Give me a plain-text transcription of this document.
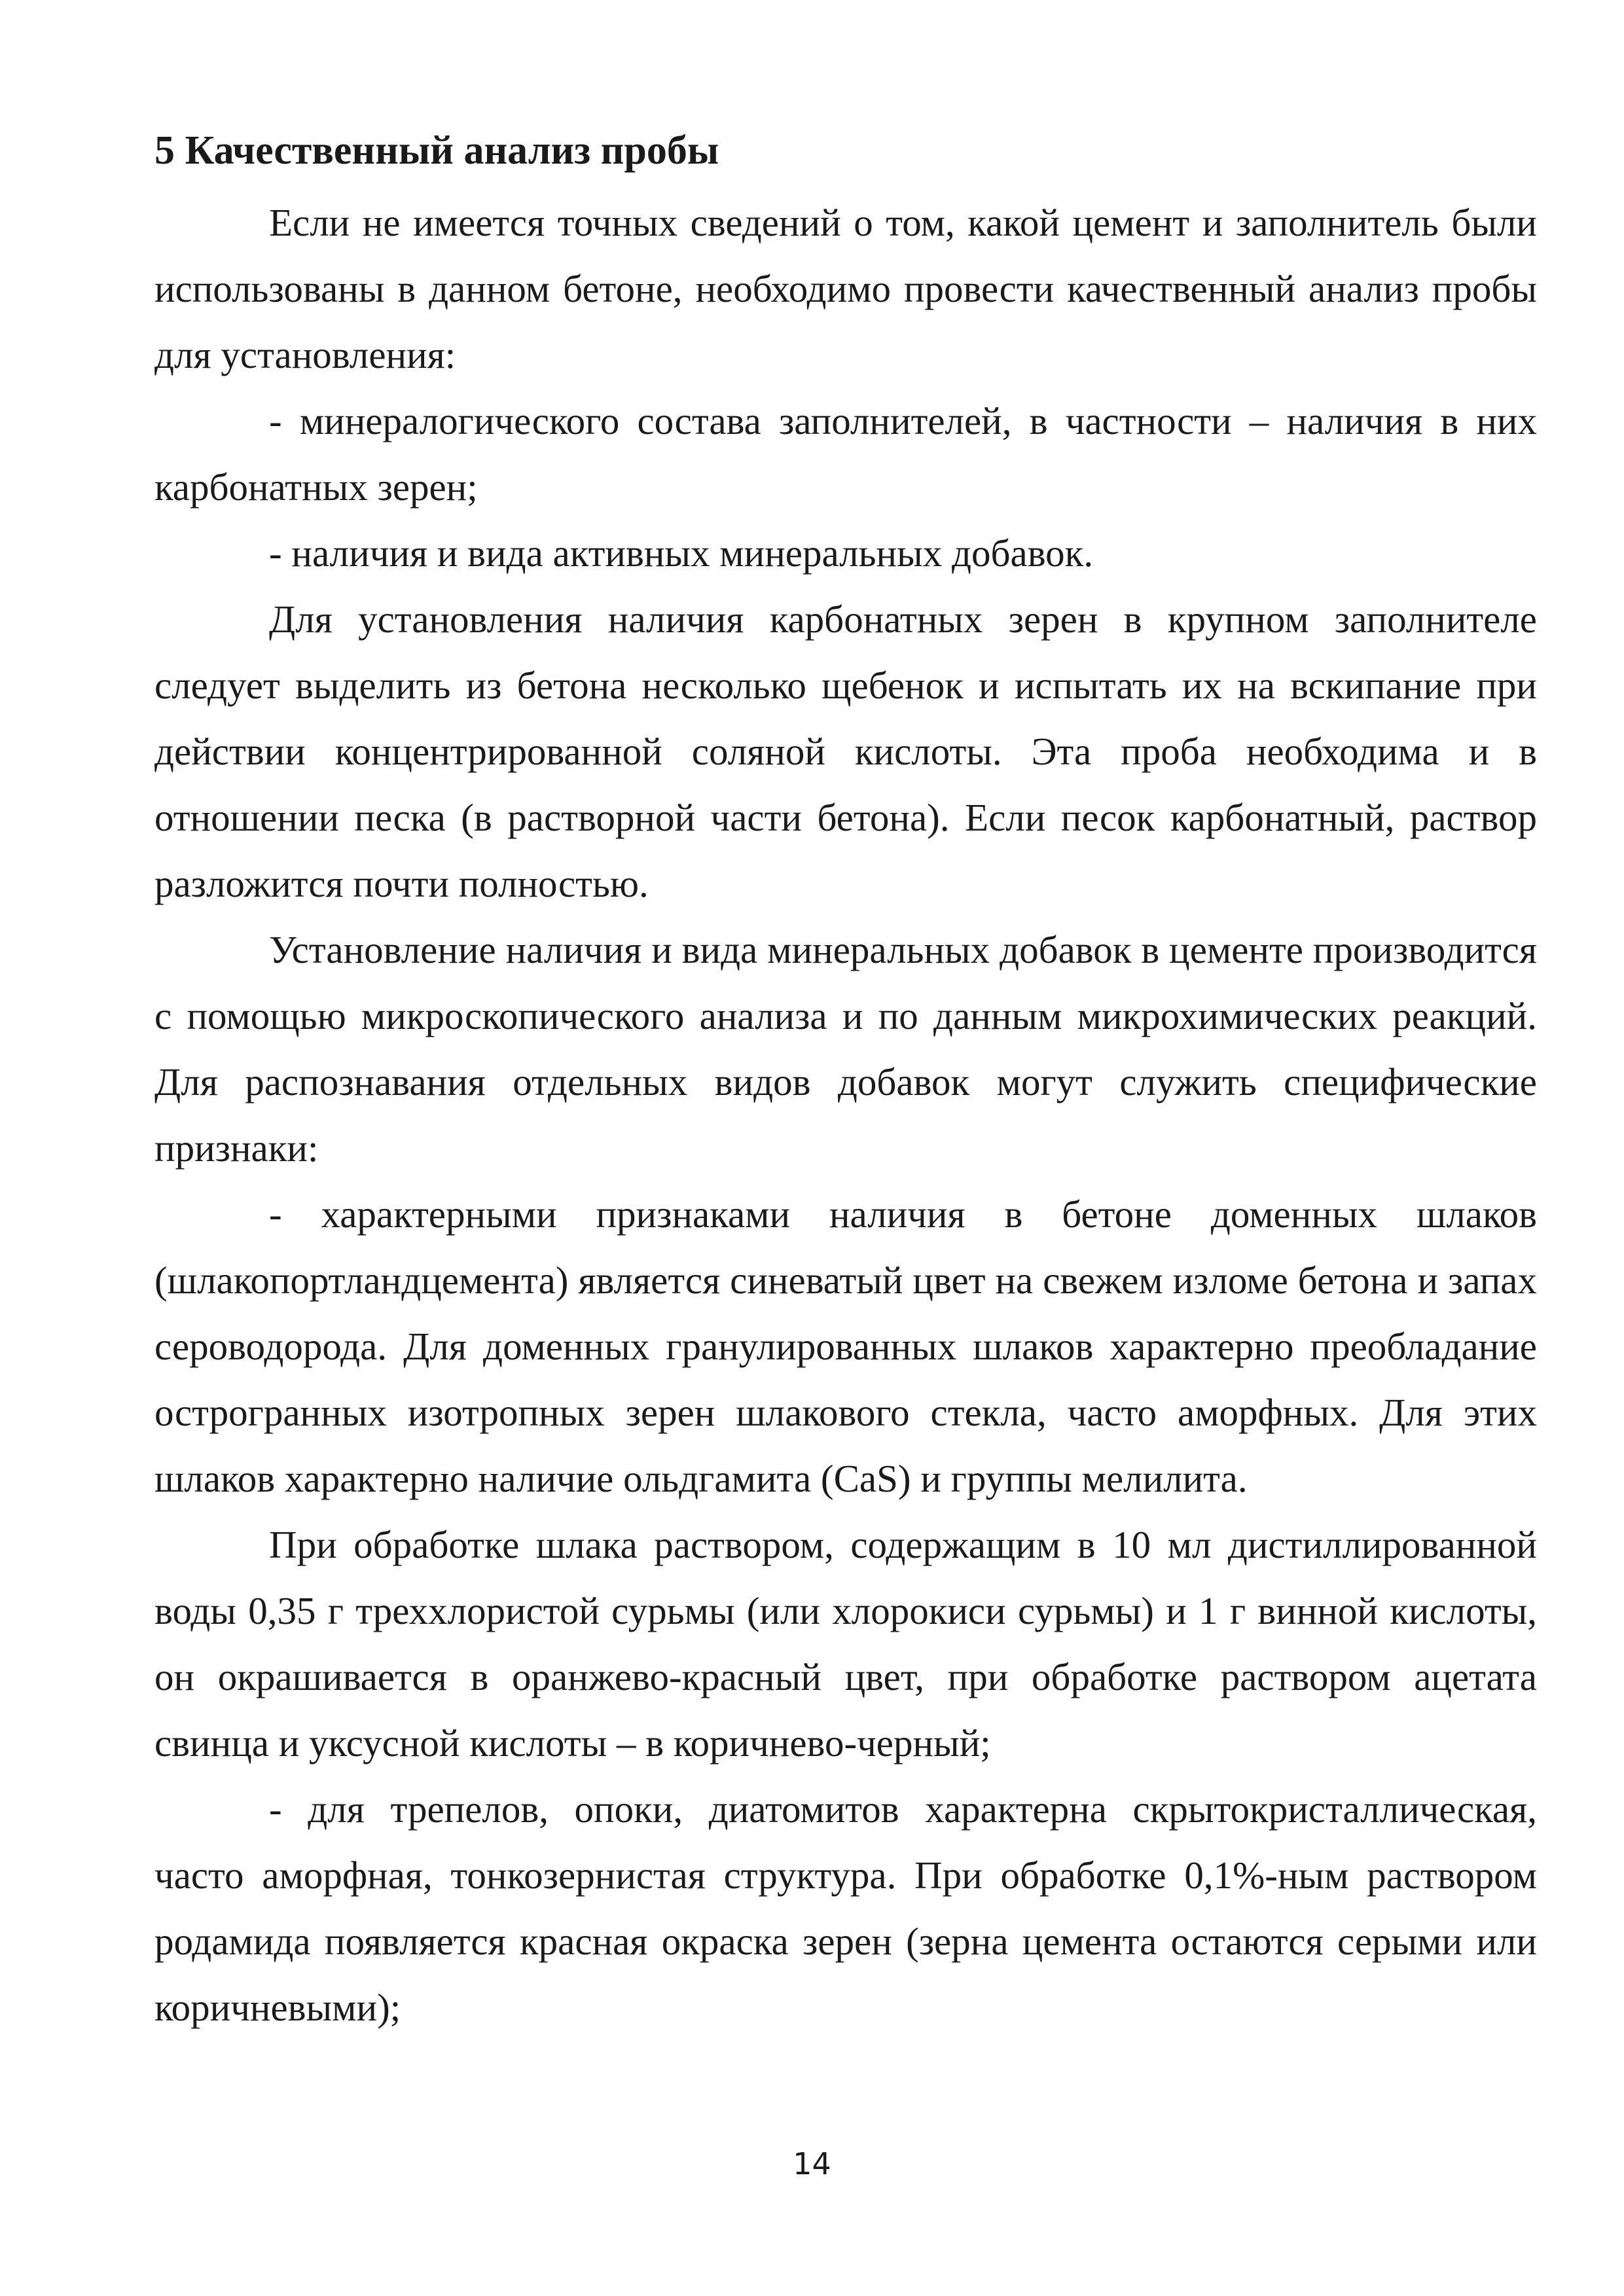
5 Качественный анализ пробы

Если не имеется точных сведений о том, какой цемент и заполнитель были использованы в данном бетоне, необходимо провести качественный анализ пробы для установления:

- минералогического состава заполнителей, в частности – наличия в них карбонатных зерен;

- наличия и вида активных минеральных добавок.

Для установления наличия карбонатных зерен в крупном заполнителе следует выделить из бетона несколько щебенок и испытать их на вскипание при действии концентрированной соляной кислоты. Эта проба необходима и в отношении песка (в растворной части бетона). Если песок карбонатный, раствор разложится почти полностью.

Установление наличия и вида минеральных добавок в цементе производится с помощью микроскопического анализа и по данным микрохимических реакций. Для распознавания отдельных видов добавок могут служить специфические признаки:

- характерными признаками наличия в бетоне доменных шлаков (шлакопортландцемента) является синеватый цвет на свежем изломе бетона и запах сероводорода. Для доменных гранулированных шлаков характерно преобладание острогранных изотропных зерен шлакового стекла, часто аморфных. Для этих шлаков характерно наличие ольдгамита (CaS) и группы мелилита.

При обработке шлака раствором, содержащим в 10 мл дистиллированной воды 0,35 г треххлористой сурьмы (или хлорокиси сурьмы) и 1 г винной кислоты, он окрашивается в оранжево-красный цвет, при обработке раствором ацетата свинца и уксусной кислоты – в коричнево-черный;

- для трепелов, опоки, диатомитов характерна скрытокристаллическая, часто аморфная, тонкозернистая структура. При обработке 0,1%-ным раствором родамида появляется красная окраска зерен (зерна цемента остаются серыми или коричневыми);

14
